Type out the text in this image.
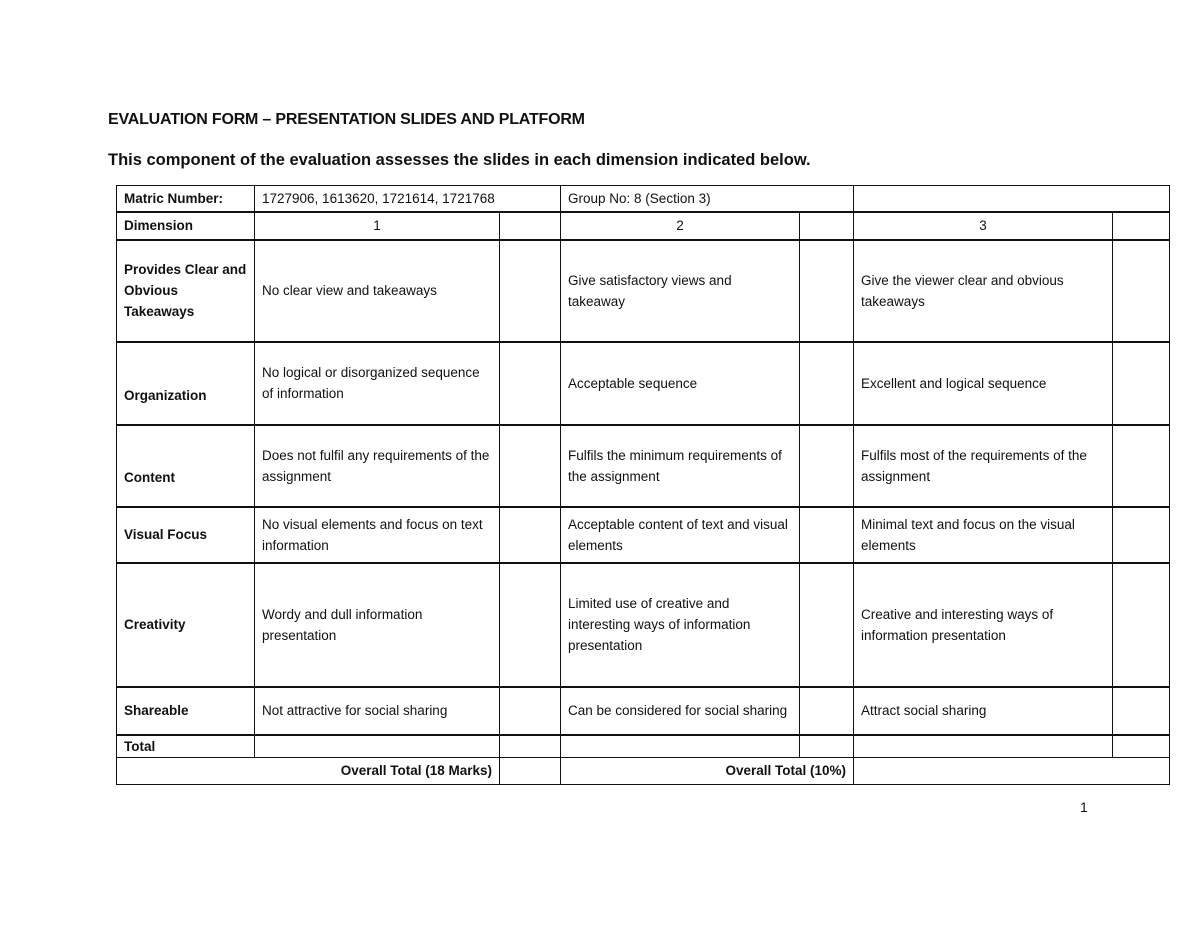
EVALUATION FORM – PRESENTATION SLIDES AND PLATFORM
This component of the evaluation assesses the slides in each dimension indicated below.
Matric Number:	1727906, 1613620, 1721614, 1721768		Group No: 8 (Section 3)			
Dimension	1		2		3	
Provides Clear and Obvious Takeaways	No clear view and takeaways		Give satisfactory views and takeaway		Give the viewer clear and obvious takeaways	
Organization	No logical or disorganized sequence of information		Acceptable sequence		Excellent and logical sequence	
Content	Does not fulfil any requirements of the assignment		Fulfils the minimum requirements of the assignment		Fulfils most of the requirements of the assignment	
Visual Focus	No visual elements and focus on text information		Acceptable content of text and visual elements		Minimal text and focus on the visual elements	
Creativity	Wordy and dull information presentation		Limited use of creative and interesting ways of information presentation		Creative and interesting ways of information presentation	
Shareable	Not attractive for social sharing		Can be considered for social sharing		Attract social sharing	
Total						
Overall Total (18 Marks)			Overall Total (10%)			
1
